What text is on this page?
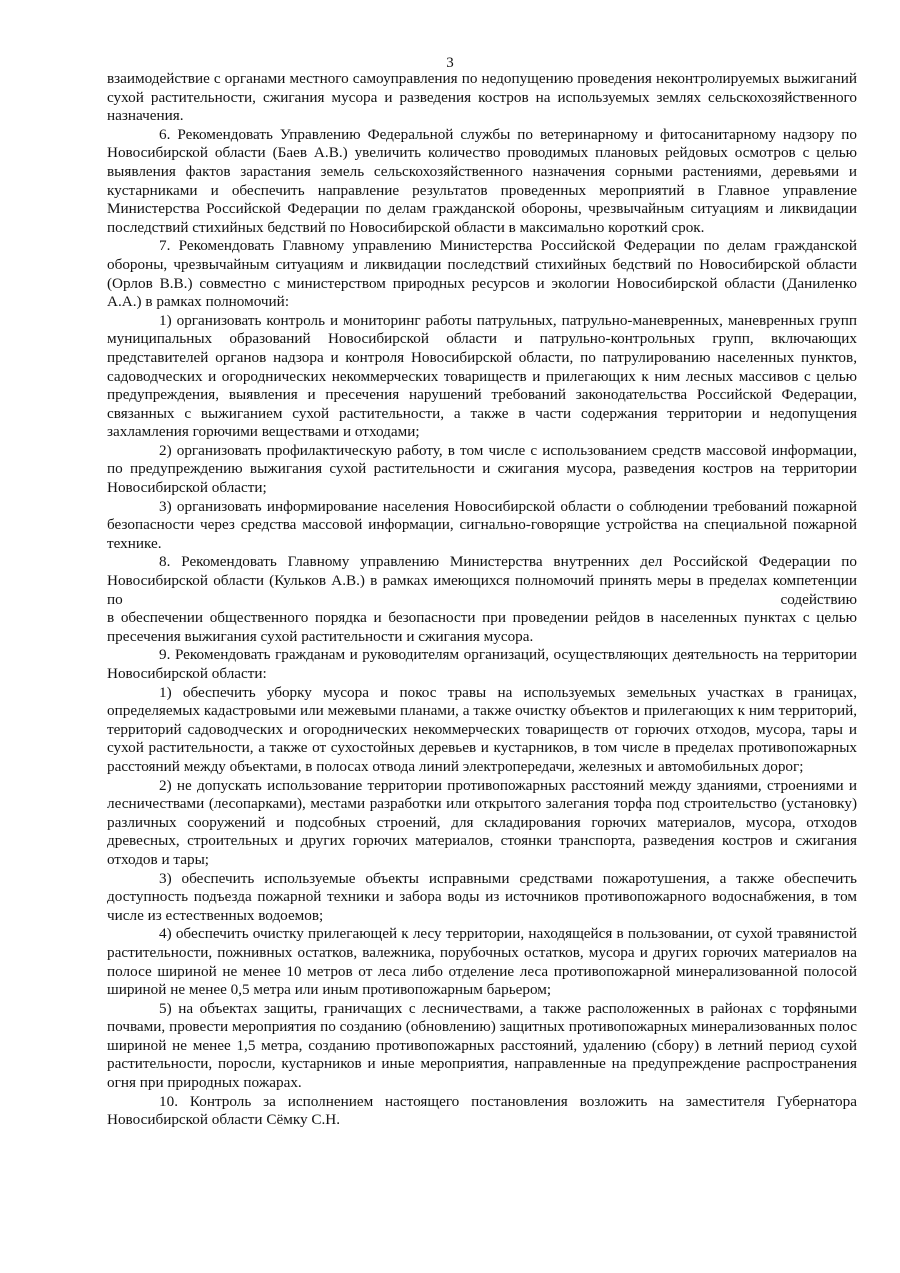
3

взаимодействие с органами местного самоуправления по недопущению проведения неконтролируемых выжиганий сухой растительности, сжигания мусора и разведения костров на используемых землях сельскохозяйственного назначения.

6. Рекомендовать Управлению Федеральной службы по ветеринарному и фитосанитарному надзору по Новосибирской области (Баев А.В.) увеличить количество проводимых плановых рейдовых осмотров с целью выявления фактов зарастания земель сельскохозяйственного назначения сорными растениями, деревьями и кустарниками и обеспечить направление результатов проведенных мероприятий в Главное управление Министерства Российской Федерации по делам гражданской обороны, чрезвычайным ситуациям и ликвидации последствий стихийных бедствий по Новосибирской области в максимально короткий срок.

7. Рекомендовать Главному управлению Министерства Российской Федерации по делам гражданской обороны, чрезвычайным ситуациям и ликвидации последствий стихийных бедствий по Новосибирской области (Орлов В.В.) совместно с министерством природных ресурсов и экологии Новосибирской области (Даниленко А.А.) в рамках полномочий:

1) организовать контроль и мониторинг работы патрульных, патрульно-маневренных, маневренных групп муниципальных образований Новосибирской области и патрульно-контрольных групп, включающих представителей органов надзора и контроля Новосибирской области, по патрулированию населенных пунктов, садоводческих и огороднических некоммерческих товариществ и прилегающих к ним лесных массивов с целью предупреждения, выявления и пресечения нарушений требований законодательства Российской Федерации, связанных с выжиганием сухой растительности, а также в части содержания территории и недопущения захламления горючими веществами и отходами;

2) организовать профилактическую работу, в том числе с использованием средств массовой информации, по предупреждению выжигания сухой растительности и сжигания мусора, разведения костров на территории Новосибирской области;

3) организовать информирование населения Новосибирской области о соблюдении требований пожарной безопасности через средства массовой информации, сигнально-говорящие устройства на специальной пожарной технике.

8. Рекомендовать Главному управлению Министерства внутренних дел Российской Федерации по Новосибирской области (Кульков А.В.) в рамках имеющихся полномочий принять меры в пределах компетенции по содействию

в обеспечении общественного порядка и безопасности при проведении рейдов в населенных пунктах с целью пресечения выжигания сухой растительности и сжигания мусора.

9. Рекомендовать гражданам и руководителям организаций, осуществляющих деятельность на территории Новосибирской области:

1) обеспечить уборку мусора и покос травы на используемых земельных участках в границах, определяемых кадастровыми или межевыми планами, а также очистку объектов и прилегающих к ним территорий, территорий садоводческих и огороднических некоммерческих товариществ от горючих отходов, мусора, тары и сухой растительности, а также от сухостойных деревьев и кустарников, в том числе в пределах противопожарных расстояний между объектами, в полосах отвода линий электропередачи, железных и автомобильных дорог;

2) не допускать использование территории противопожарных расстояний между зданиями, строениями и лесничествами (лесопарками), местами разработки или открытого залегания торфа под строительство (установку) различных сооружений и подсобных строений, для складирования горючих материалов, мусора, отходов древесных, строительных и других горючих материалов, стоянки транспорта, разведения костров и сжигания отходов и тары;

3) обеспечить используемые объекты исправными средствами пожаротушения, а также обеспечить доступность подъезда пожарной техники и забора воды из источников противопожарного водоснабжения, в том числе из естественных водоемов;

4) обеспечить очистку прилегающей к лесу территории, находящейся в пользовании, от сухой травянистой растительности, пожнивных остатков, валежника, порубочных остатков, мусора и других горючих материалов на полосе шириной не менее 10 метров от леса либо отделение леса противопожарной минерализованной полосой шириной не менее 0,5 метра или иным противопожарным барьером;

5) на объектах защиты, граничащих с лесничествами, а также расположенных в районах с торфяными почвами, провести мероприятия по созданию (обновлению) защитных противопожарных минерализованных полос шириной не менее 1,5 метра, созданию противопожарных расстояний, удалению (сбору) в летний период сухой растительности, поросли, кустарников и иные мероприятия, направленные на предупреждение распространения огня при природных пожарах.

10. Контроль за исполнением настоящего постановления возложить на заместителя Губернатора Новосибирской области Сёмку С.Н.
